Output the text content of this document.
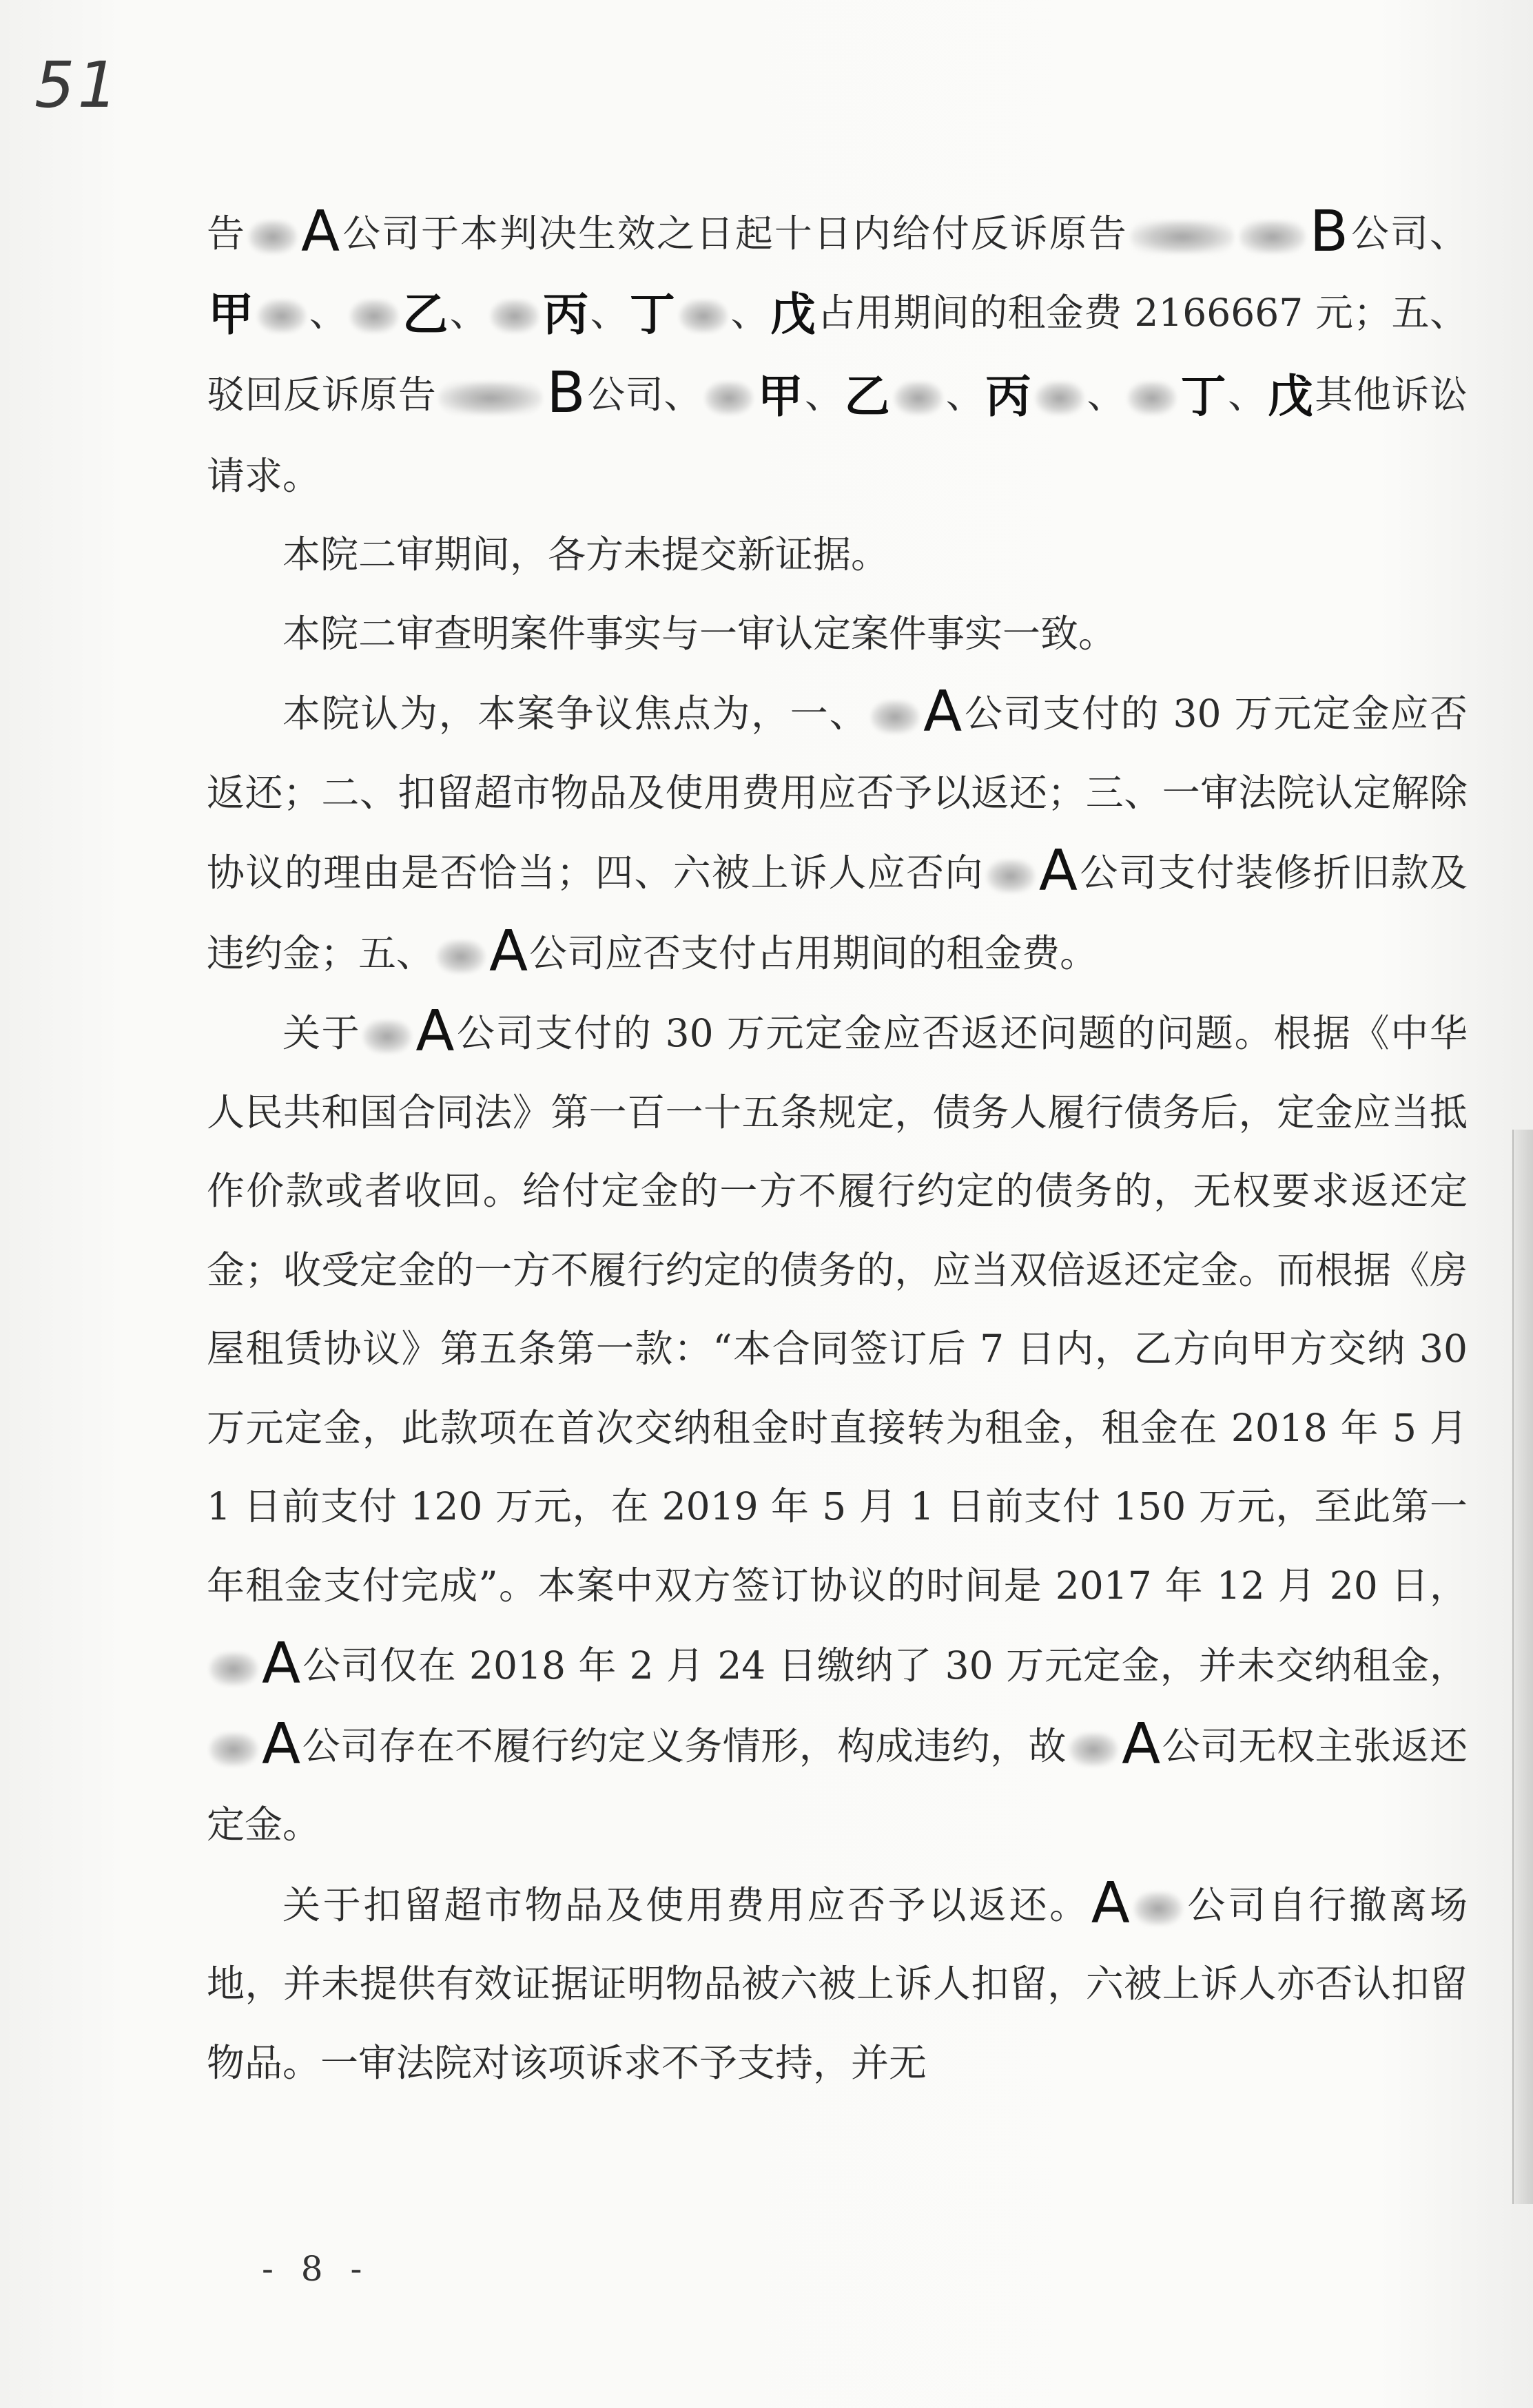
51

告 A公司于本判决生效之日起十日内给付反诉原告	B公司、甲 、 乙、 丙、丁 、戊占用期间的租金费 2166667 元；五、驳回反诉原告 B公司、 甲、乙 、丙 、 丁、戊其他诉讼请求。

本院二审期间，各方未提交新证据。

本院二审查明案件事实与一审认定案件事实一致。

本院认为，本案争议焦点为，一、 A公司支付的 30 万元定金应否返还；二、扣留超市物品及使用费用应否予以返还；三、一审法院认定解除协议的理由是否恰当；四、六被上诉人应否向 A公司支付装修折旧款及违约金；五、 A公司应否支付占用期间的租金费。

关于 A公司支付的 30 万元定金应否返还问题的问题。根据《中华人民共和国合同法》第一百一十五条规定，债务人履行债务后，定金应当抵作价款或者收回。给付定金的一方不履行约定的债务的，无权要求返还定金；收受定金的一方不履行约定的债务的，应当双倍返还定金。而根据《房屋租赁协议》第五条第一款：“本合同签订后 7 日内，乙方向甲方交纳 30 万元定金，此款项在首次交纳租金时直接转为租金，租金在 2018 年 5 月 1 日前支付 120 万元，在 2019 年 5 月 1 日前支付 150 万元，至此第一年租金支付完成”。本案中双方签订协议的时间是 2017 年 12 月 20 日，A公司仅在 2018 年 2 月 24 日缴纳了 30 万元定金，并未交纳租金，A公司存在不履行约定义务情形，构成违约，故 A公司无权主张返还定金。

关于扣留超市物品及使用费用应否予以返还。A 公司自行撤离场地，并未提供有效证据证明物品被六被上诉人扣留，六被上诉人亦否认扣留物品。一审法院对该项诉求不予支持，并无

- 8 -
